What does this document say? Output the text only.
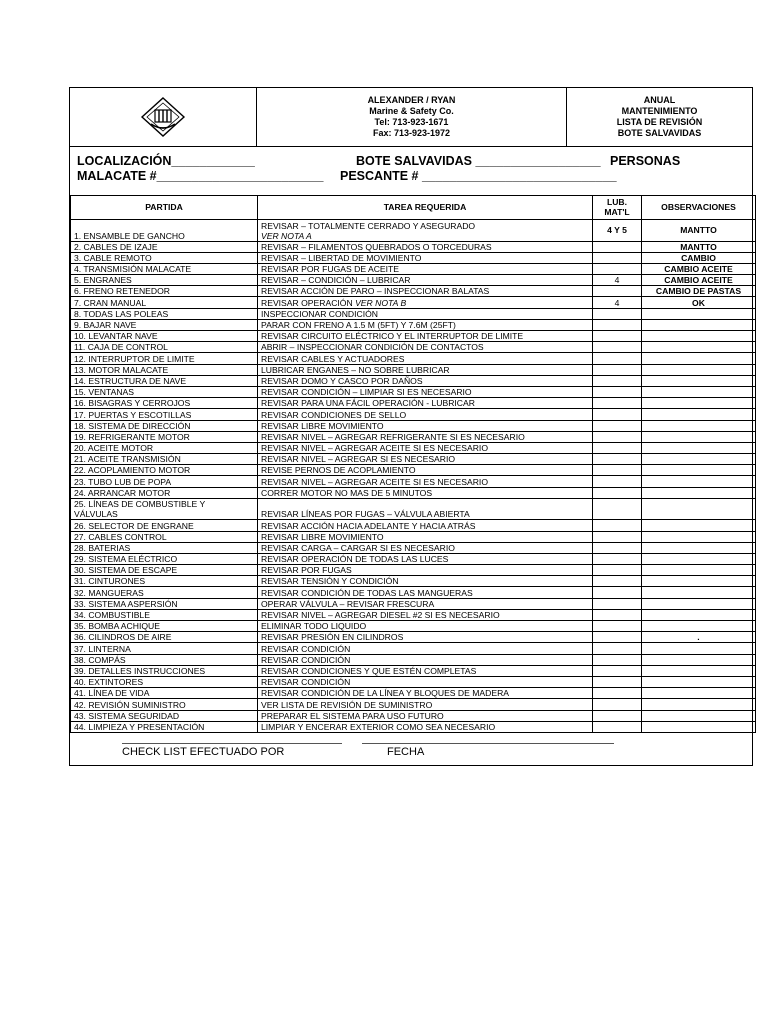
ALEXANDER / RYAN
Marine & Safety Co.
Tel: 713-923-1671
Fax: 713-923-1972
ANUAL
MANTENIMIENTO
LISTA DE REVISIÓN
BOTE SALVAVIDAS
LOCALIZACIÓN____________	BOTE SALVAVIDAS __________________ PERSONAS
MALACATE #________________________ PESCANTE # ____________________________
PARTIDA	TAREA REQUERIDA	LUB.
MAT'L	OBSERVACIONES
1. ENSAMBLE DE GANCHO	REVISAR – TOTALMENTE CERRADO Y ASEGURADO
VER NOTA A	4 Y 5	MANTTO
2. CABLES DE IZAJE	REVISAR – FILAMENTOS QUEBRADOS O TORCEDURAS		MANTTO
3. CABLE REMOTO	REVISAR – LIBERTAD DE MOVIMIENTO		CAMBIO
4. TRANSMISIÓN MALACATE	REVISAR POR FUGAS DE ACEITE		CAMBIO ACEITE
5. ENGRANES	REVISAR – CONDICIÓN – LUBRICAR	4	CAMBIO ACEITE
6. FRENO RETENEDOR	REVISAR ACCIÓN DE PARO – INSPECCIONAR BALATAS		CAMBIO DE PASTAS
7. CRAN MANUAL	REVISAR OPERACIÓN VER NOTA B	4	OK
8. TODAS LAS POLEAS	INSPECCIONAR CONDICIÓN		
9. BAJAR NAVE	PARAR CON FRENO A 1.5 M (5FT) Y 7.6M (25FT)		
10. LEVANTAR NAVE	REVISAR CIRCUITO ELÉCTRICO Y EL INTERRUPTOR DE LIMITE		
11. CAJA DE CONTROL	ABRIR – INSPECCIONAR CONDICIÓN DE CONTACTOS		
12. INTERRUPTOR DE LIMITE	REVISAR CABLES Y ACTUADORES		
13. MOTOR MALACATE	LUBRICAR ENGANES – NO SOBRE LUBRICAR		
14. ESTRUCTURA DE NAVE	REVISAR DOMO Y CASCO POR DAÑOS		
15. VENTANAS	REVISAR CONDICIÓN – LIMPIAR SI ES NECESARIO		
16. BISAGRAS Y CERROJOS	REVISAR PARA UNA FÁCIL OPERACIÓN - LUBRICAR		
17. PUERTAS Y ESCOTILLAS	REVISAR CONDICIONES DE SELLO		
18. SISTEMA DE DIRECCIÓN	REVISAR LIBRE MOVIMIENTO		
19. REFRIGERANTE MOTOR	REVISAR NIVEL – AGREGAR REFRIGERANTE SI ES NECESARIO		
20. ACEITE MOTOR	REVISAR NIVEL – AGREGAR ACEITE SI ES NECESARIO		
21. ACEITE TRANSMISIÓN	REVISAR NIVEL – AGREGAR SI ES NECESARIO		
22. ACOPLAMIENTO MOTOR	REVISE PERNOS DE ACOPLAMIENTO		
23. TUBO LUB DE POPA	REVISAR NIVEL – AGREGAR ACEITE SI ES NECESARIO		
24. ARRANCAR MOTOR	CORRER MOTOR NO MAS DE 5 MINUTOS		
25. LÍNEAS DE COMBUSTIBLE Y
VÁLVULAS	REVISAR LÍNEAS POR FUGAS – VÁLVULA ABIERTA		
26. SELECTOR DE ENGRANE	REVISAR ACCIÓN HACIA ADELANTE Y HACIA ATRÁS		
27. CABLES CONTROL	REVISAR LIBRE MOVIMIENTO		
28. BATERIAS	REVISAR CARGA – CARGAR SI ES NECESARIO		
29. SISTEMA ELÉCTRICO	REVISAR OPERACIÓN DE TODAS LAS LUCES		
30. SISTEMA DE ESCAPE	REVISAR POR FUGAS		
31. CINTURONES	REVISAR TENSIÓN Y CONDICIÓN		
32. MANGUERAS	REVISAR CONDICIÓN DE TODAS LAS MANGUERAS		
33. SISTEMA ASPERSIÓN	OPERAR VÁLVULA – REVISAR FRESCURA		
34. COMBUSTIBLE	REVISAR NIVEL – AGREGAR DIESEL #2 SI ES NECESARIO		
35. BOMBA ACHIQUE	ELIMINAR TODO LIQUIDO		
36. CILINDROS DE AIRE	REVISAR PRESIÓN EN CILINDROS		.
37. LINTERNA	REVISAR CONDICIÓN		
38. COMPÁS	REVISAR CONDICIÓN		
39. DETALLES INSTRUCCIONES	REVISAR CONDICIONES Y QUE ESTÉN COMPLETAS		
40. EXTINTORES	REVISAR CONDICIÓN		
41. LÍNEA DE VIDA	REVISAR CONDICIÓN DE LA LÍNEA Y BLOQUES DE MADERA		
42. REVISIÓN SUMINISTRO	VER LISTA DE REVISIÓN DE SUMINISTRO		
43. SISTEMA SEGURIDAD	PREPARAR EL SISTEMA PARA USO FUTURO		
44. LIMPIEZA Y PRESENTACIÓN	LIMPIAR Y ENCERAR EXTERIOR COMO SEA NECESARIO		
CHECK LIST EFECTUADO POR	FECHA
